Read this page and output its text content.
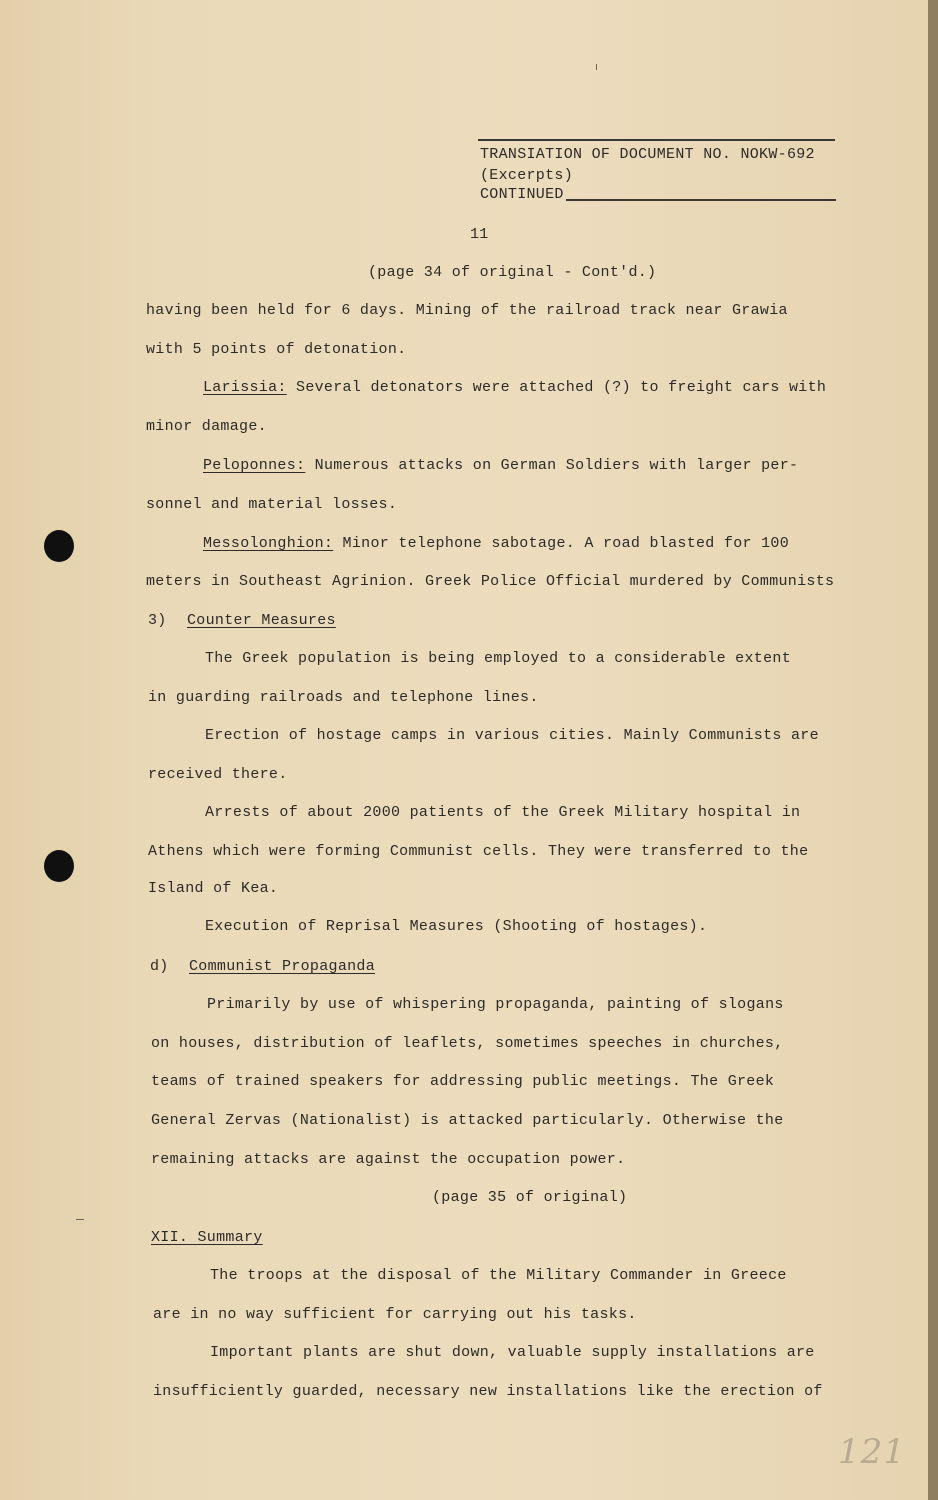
TRANSIATION OF DOCUMENT NO. NOKW-692
(Excerpts)
CONTINUED
11
(page 34 of original - Cont'd.)
having been held for 6 days. Mining of the railroad track near Grawia
with 5 points of detonation.
Larissia: Several detonators were attached (?) to freight cars with
minor damage.
Peloponnes: Numerous attacks on German Soldiers with larger per-
sonnel and material losses.
Messolonghion: Minor telephone sabotage. A road blasted for 100
meters in Southeast Agrinion. Greek Police Official murdered by Communists
3) Counter Measures
The Greek population is being employed to a considerable extent
in guarding railroads and telephone lines.
Erection of hostage camps in various cities. Mainly Communists are
received there.
Arrests of about 2000 patients of the Greek Military hospital in
Athens which were forming Communist cells. They were transferred to the
Island of Kea.
Execution of Reprisal Measures (Shooting of hostages).
d) Communist Propaganda
Primarily by use of whispering propaganda, painting of slogans
on houses, distribution of leaflets, sometimes speeches in churches,
teams of trained speakers for addressing public meetings. The Greek
General Zervas (Nationalist) is attacked particularly. Otherwise the
remaining attacks are against the occupation power.
(page 35 of original)
XII. Summary
The troops at the disposal of the Military Commander in Greece
are in no way sufficient for carrying out his tasks.
Important plants are shut down, valuable supply installations are
insufficiently guarded, necessary new installations like the erection of
121
